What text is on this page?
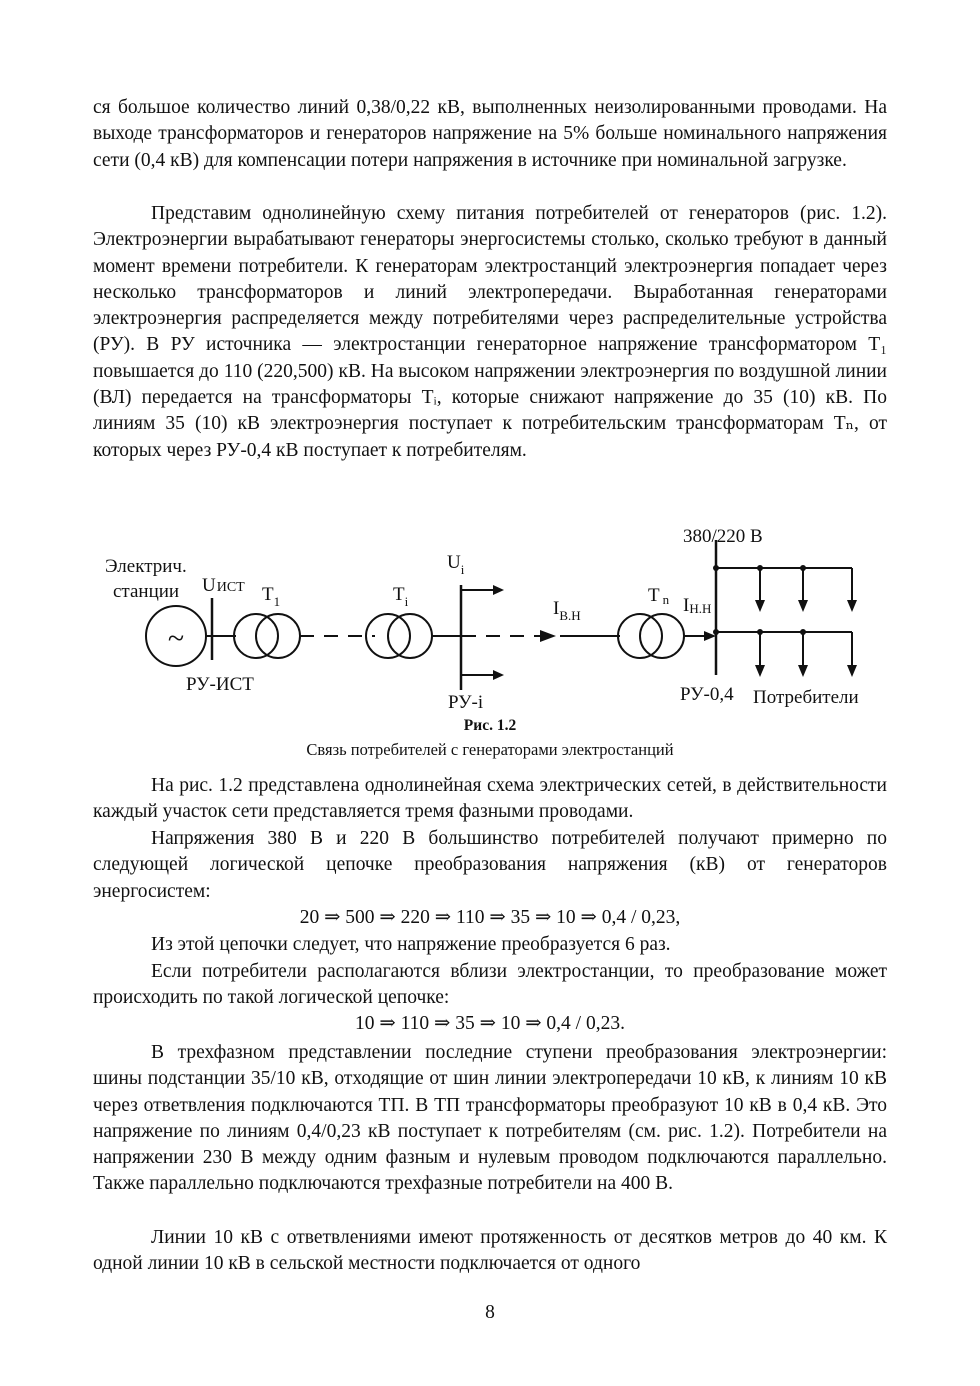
ся большое количество линий 0,38/0,22 кВ, выполненных неизолированными проводами. На выходе трансформаторов и генераторов напряжение на 5% больше номинального напряжения сети (0,4 кВ) для компенсации потери напряжения в источнике при номинальной загрузке.

Представим однолинейную схему питания потребителей от генераторов (рис. 1.2). Электроэнергии вырабатывают генераторы энергосистемы столько, сколько требуют в данный момент времени потребители. К генераторам электростанций электроэнергия попадает через несколько трансформаторов и линий электропередачи. Выработанная генераторами электроэнергия распределяется между потребителями через распределительные устройства (РУ). В РУ источника — электростанции генераторное напряжение трансформатором T₁ повышается до 110 (220,500) кВ. На высоком напряжении электроэнергия по воздушной линии (ВЛ) передается на трансформаторы Tᵢ, которые снижают напряжение до 35 (10) кВ. По линиям 35 (10) кВ электроэнергия поступает к потребительским трансформаторам Tₙ, от которых через РУ-0,4 кВ поступает к потребителям.

~
Электрич.
станции UИСТ $T_1$	$T_i$
$U_i$
$I_{В.Н}$
T n IН.Н
380/220 В
РУ-ИСТ
РУ-i	РУ-0,4 Потребители
Рис. 1.2
Связь потребителей с генераторами электростанций

На рис. 1.2 представлена однолинейная схема электрических сетей, в действительности каждый участок сети представляется тремя фазными проводами.

Напряжения 380 В и 220 В большинство потребителей получают примерно по следующей логической цепочке преобразования напряжения (кВ) от генераторов энергосистем:

20 ⇒ 500 ⇒ 220 ⇒ 110 ⇒ 35 ⇒ 10 ⇒ 0,4 / 0,23,

Из этой цепочки следует, что напряжение преобразуется 6 раз.

Если потребители располагаются вблизи электростанции, то преобразование может происходить по такой логической цепочке:

10 ⇒ 110 ⇒ 35 ⇒ 10 ⇒ 0,4 / 0,23.

В трехфазном представлении последние ступени преобразования электроэнергии: шины подстанции 35/10 кВ, отходящие от шин линии электропередачи 10 кВ, к линиям 10 кВ через ответвления подключаются ТП. В ТП трансформаторы преобразуют 10 кВ в 0,4 кВ. Это напряжение по линиям 0,4/0,23 кВ поступает к потребителям (см. рис. 1.2). Потребители на напряжении 230 В между одним фазным и нулевым проводом подключаются параллельно. Также параллельно подключаются трехфазные потребители на 400 В.

Линии 10 кВ с ответвлениями имеют протяженность от десятков метров до 40 км. К одной линии 10 кВ в сельской местности подключается от одного

8
